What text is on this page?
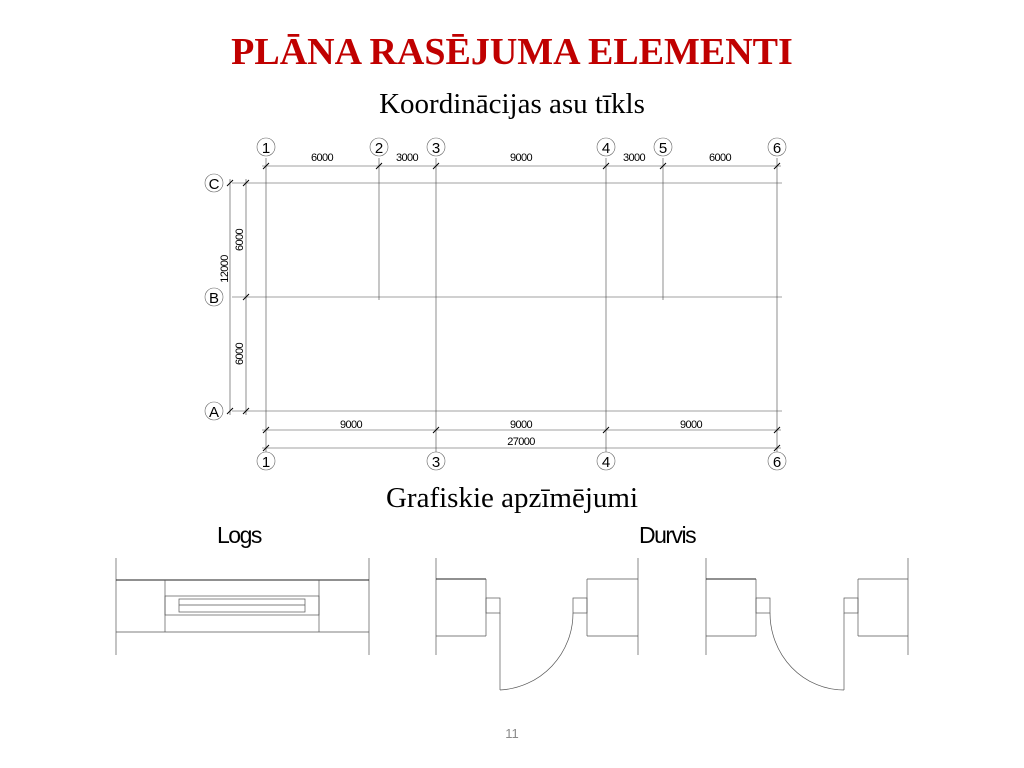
PLĀNA RASĒJUMA ELEMENTI
Koordinācijas asu tīkls
1	2	3	4	5	6
1	3	4	6
C
B
A
6000	3000	9000	3000	6000
9000	9000	9000
27000
6000
6000
12000
Grafiskie apzīmējumi
Logs	Durvis
11
